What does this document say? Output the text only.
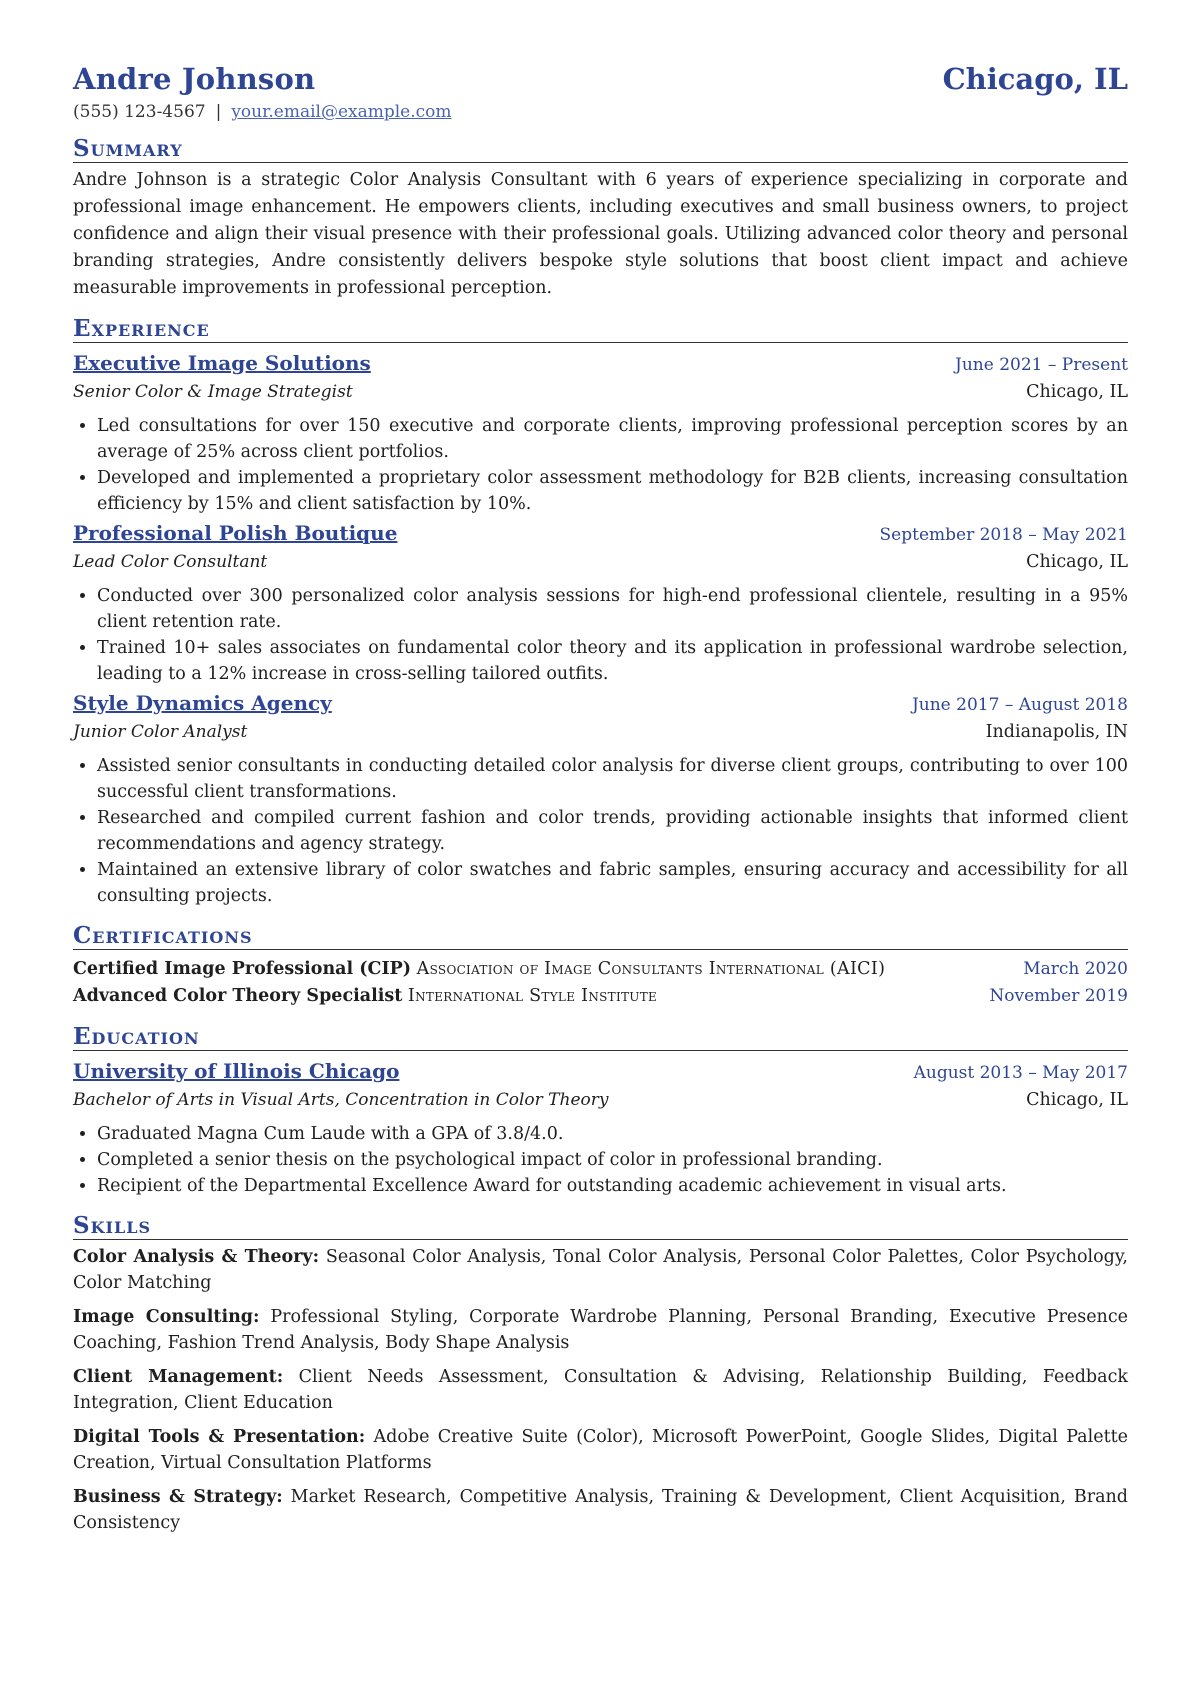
Andre Johnson	Chicago, IL
(555) 123-4567 | your.email@example.com
Summary

Andre Johnson is a strategic Color Analysis Consultant with 6 years of experience specializing in corporate and professional image enhancement. He empowers clients, including executives and small business owners, to project confidence and align their visual presence with their professional goals. Utilizing advanced color theory and personal branding strategies, Andre consistently delivers bespoke style solutions that boost client impact and achieve measurable improvements in professional perception.

Experience
Executive Image Solutions	June 2021 – Present
Senior Color & Image Strategist	Chicago, IL
• Led consultations for over 150 executive and corporate clients, improving professional perception scores by an average of 25% across client portfolios.
• Developed and implemented a proprietary color assessment methodology for B2B clients, increasing consultation efficiency by 15% and client satisfaction by 10%.
Professional Polish Boutique	September 2018 – May 2021
Lead Color Consultant	Chicago, IL
• Conducted over 300 personalized color analysis sessions for high-end professional clientele, resulting in a 95% client retention rate.
• Trained 10+ sales associates on fundamental color theory and its application in professional wardrobe selection, leading to a 12% increase in cross-selling tailored outfits.
Style Dynamics Agency	June 2017 – August 2018
Junior Color Analyst	Indianapolis, IN
• Assisted senior consultants in conducting detailed color analysis for diverse client groups, contributing to over 100 successful client transformations.
• Researched and compiled current fashion and color trends, providing actionable insights that informed client recommendations and agency strategy.
• Maintained an extensive library of color swatches and fabric samples, ensuring accuracy and accessibility for all consulting projects.
Certifications
Certified Image Professional (CIP) Association of Image Consultants International (AICI)	March 2020
Advanced Color Theory Specialist International Style Institute	November 2019
Education
University of Illinois Chicago	August 2013 – May 2017
Bachelor of Arts in Visual Arts, Concentration in Color Theory	Chicago, IL
• Graduated Magna Cum Laude with a GPA of 3.8/4.0.
• Completed a senior thesis on the psychological impact of color in professional branding.
• Recipient of the Departmental Excellence Award for outstanding academic achievement in visual arts.
Skills
Color Analysis & Theory: Seasonal Color Analysis, Tonal Color Analysis, Personal Color Palettes, Color Psychology, Color Matching
Image Consulting: Professional Styling, Corporate Wardrobe Planning, Personal Branding, Executive Presence Coaching, Fashion Trend Analysis, Body Shape Analysis
Client Management: Client Needs Assessment, Consultation & Advising, Relationship Building, Feedback Integration, Client Education
Digital Tools & Presentation: Adobe Creative Suite (Color), Microsoft PowerPoint, Google Slides, Digital Palette Creation, Virtual Consultation Platforms
Business & Strategy: Market Research, Competitive Analysis, Training & Development, Client Acquisition, Brand Consistency
